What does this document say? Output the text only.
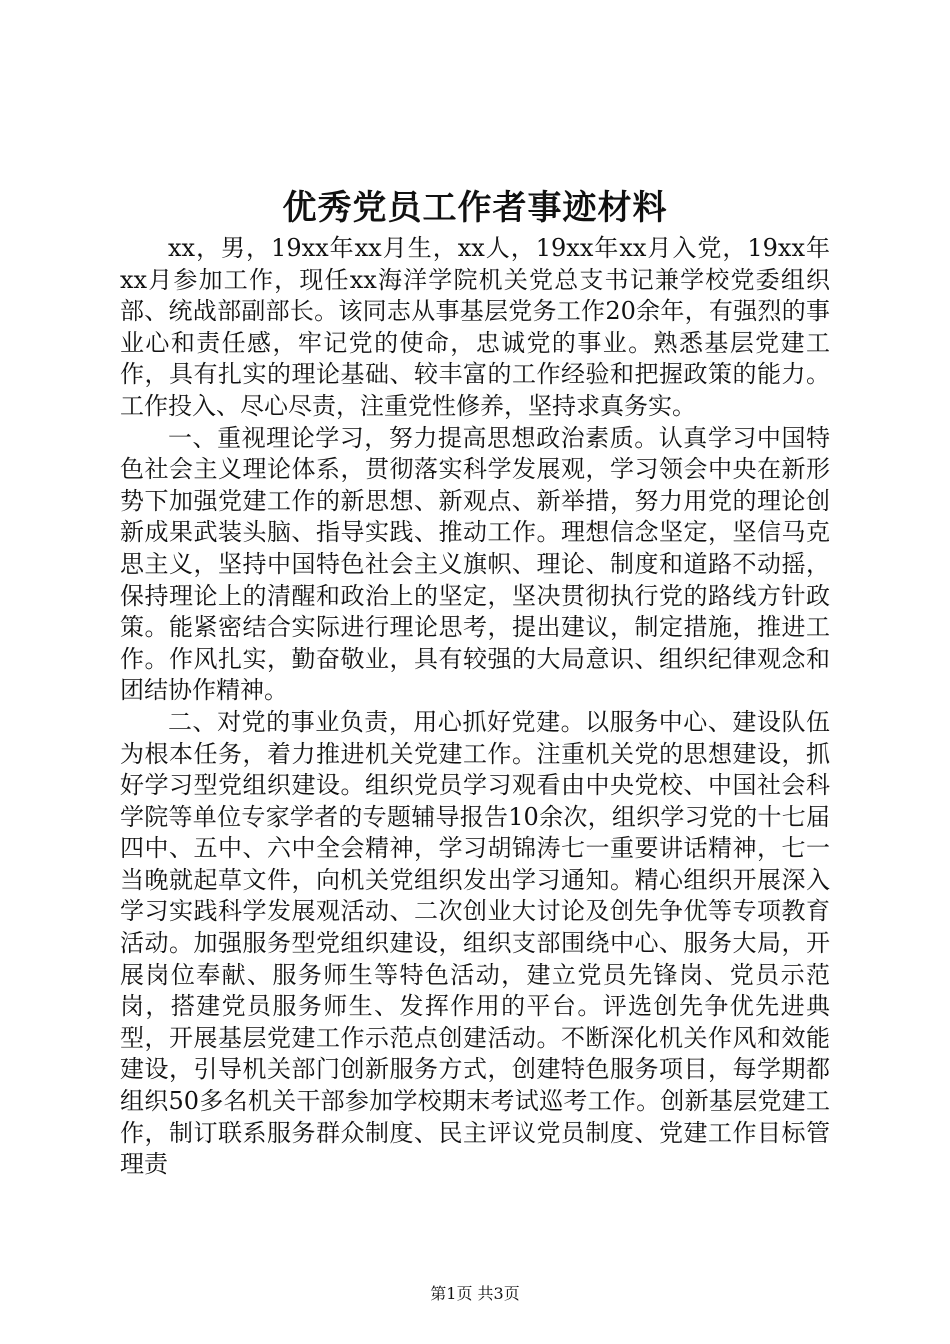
优秀党员工作者事迹材料

xx，男，19xx年xx月生，xx人，19xx年xx月入党，19xx年xx月参加工作，现任xx海洋学院机关党总支书记兼学校党委组织部、统战部副部长。该同志从事基层党务工作20余年，有强烈的事业心和责任感，牢记党的使命，忠诚党的事业。熟悉基层党建工作，具有扎实的理论基础、较丰富的工作经验和把握政策的能力。工作投入、尽心尽责，注重党性修养，坚持求真务实。

一、重视理论学习，努力提高思想政治素质。认真学习中国特色社会主义理论体系，贯彻落实科学发展观，学习领会中央在新形势下加强党建工作的新思想、新观点、新举措，努力用党的理论创新成果武装头脑、指导实践、推动工作。理想信念坚定，坚信马克思主义，坚持中国特色社会主义旗帜、理论、制度和道路不动摇，保持理论上的清醒和政治上的坚定，坚决贯彻执行党的路线方针政策。能紧密结合实际进行理论思考，提出建议，制定措施，推进工作。作风扎实，勤奋敬业，具有较强的大局意识、组织纪律观念和团结协作精神。

二、对党的事业负责，用心抓好党建。以服务中心、建设队伍为根本任务，着力推进机关党建工作。注重机关党的思想建设，抓好学习型党组织建设。组织党员学习观看由中央党校、中国社会科学院等单位专家学者的专题辅导报告10余次，组织学习党的十七届四中、五中、六中全会精神，学习胡锦涛七一重要讲话精神，七一当晚就起草文件，向机关党组织发出学习通知。精心组织开展深入学习实践科学发展观活动、二次创业大讨论及创先争优等专项教育活动。加强服务型党组织建设，组织支部围绕中心、服务大局，开展岗位奉献、服务师生等特色活动，建立党员先锋岗、党员示范岗，搭建党员服务师生、发挥作用的平台。评选创先争优先进典型，开展基层党建工作示范点创建活动。不断深化机关作风和效能建设，引导机关部门创新服务方式，创建特色服务项目，每学期都组织50多名机关干部参加学校期末考试巡考工作。创新基层党建工作，制订联系服务群众制度、民主评议党员制度、党建工作目标管理责

第1页 共3页
